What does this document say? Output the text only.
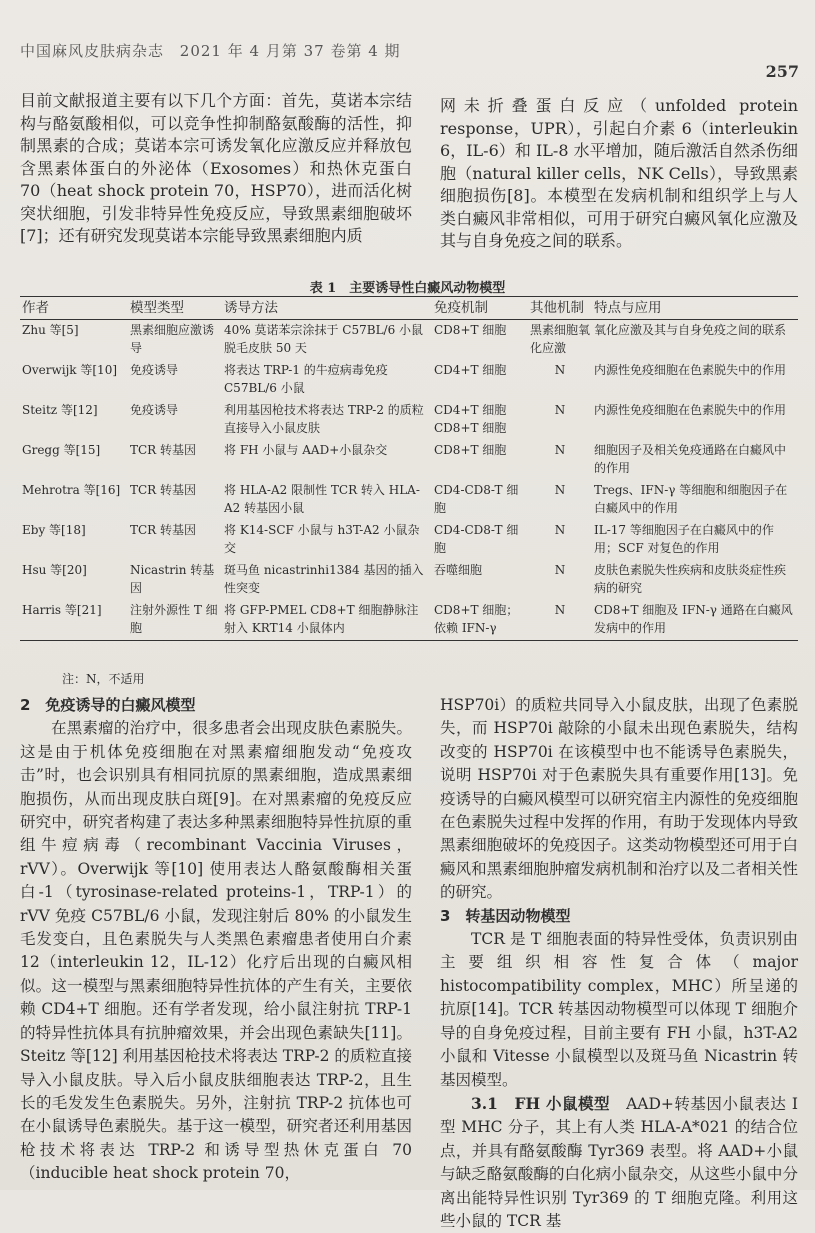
中国麻风皮肤病杂志 2021 年 4 月第 37 卷第 4 期
257

目前文献报道主要有以下几个方面：首先，莫诺本宗结构与酪氨酸相似，可以竞争性抑制酪氨酸酶的活性，抑制黑素的合成；莫诺本宗可诱发氧化应激反应并释放包含黑素体蛋白的外泌体（Exosomes）和热休克蛋白 70（heat shock protein 70，HSP70），进而活化树突状细胞，引发非特异性免疫反应，导致黑素细胞破坏[7]；还有研究发现莫诺本宗能导致黑素细胞内质

网未折叠蛋白反应（unfolded protein response，UPR），引起白介素 6（interleukin 6，IL-6）和 IL-8 水平增加，随后激活自然杀伤细胞（natural killer cells，NK Cells），导致黑素细胞损伤[8]。本模型在发病机制和组织学上与人类白癜风非常相似，可用于研究白癜风氧化应激及其与自身免疫之间的联系。

表 1　主要诱导性白癜风动物模型
作者	模型类型	诱导方法	免疫机制	其他机制	特点与应用
Zhu 等[5]	黑素细胞应激诱导	40% 莫诺苯宗涂抹于 C57BL/6 小鼠脱毛皮肤 50 天	CD8+T 细胞	黑素细胞氧化应激	氧化应激及其与自身免疫之间的联系
Overwijk 等[10]	免疫诱导	将表达 TRP-1 的牛痘病毒免疫 C57BL/6 小鼠	CD4+T 细胞	N	内源性免疫细胞在色素脱失中的作用
Steitz 等[12]	免疫诱导	利用基因枪技术将表达 TRP-2 的质粒直接导入小鼠皮肤	CD4+T 细胞 CD8+T 细胞	N	内源性免疫细胞在色素脱失中的作用
Gregg 等[15]	TCR 转基因	将 FH 小鼠与 AAD+小鼠杂交	CD8+T 细胞	N	细胞因子及相关免疫通路在白癜风中的作用
Mehrotra 等[16]	TCR 转基因	将 HLA-A2 限制性 TCR 转入 HLA-A2 转基因小鼠	CD4-CD8-T 细胞	N	Tregs、IFN-γ 等细胞和细胞因子在白癜风中的作用
Eby 等[18]	TCR 转基因	将 K14-SCF 小鼠与 h3T-A2 小鼠杂交	CD4-CD8-T 细胞	N	IL-17 等细胞因子在白癜风中的作用；SCF 对复色的作用
Hsu 等[20]	Nicastrin 转基因	斑马鱼 nicastrinhi1384 基因的插入性突变	吞噬细胞	N	皮肤色素脱失性疾病和皮肤炎症性疾病的研究
Harris 等[21]	注射外源性 T 细胞	将 GFP-PMEL CD8+T 细胞静脉注射入 KRT14 小鼠体内	CD8+T 细胞；依赖 IFN-γ	N	CD8+T 细胞及 IFN-γ 通路在白癜风发病中的作用
注：N，不适用

2　免疫诱导的白癜风模型

在黑素瘤的治疗中，很多患者会出现皮肤色素脱失。这是由于机体免疫细胞在对黑素瘤细胞发动“免疫攻击”时，也会识别具有相同抗原的黑素细胞，造成黑素细胞损伤，从而出现皮肤白斑[9]。在对黑素瘤的免疫反应研究中，研究者构建了表达多种黑素细胞特异性抗原的重组牛痘病毒（recombinant Vaccinia Viruses，rVV）。Overwijk 等[10] 使用表达人酪氨酸酶相关蛋白-1（tyrosinase-related proteins-1，TRP-1）的 rVV 免疫 C57BL/6 小鼠，发现注射后 80% 的小鼠发生毛发变白，且色素脱失与人类黑色素瘤患者使用白介素 12（interleukin 12，IL-12）化疗后出现的白癜风相似。这一模型与黑素细胞特异性抗体的产生有关，主要依赖 CD4+T 细胞。还有学者发现，给小鼠注射抗 TRP-1 的特异性抗体具有抗肿瘤效果，并会出现色素缺失[11]。Steitz 等[12] 利用基因枪技术将表达 TRP-2 的质粒直接导入小鼠皮肤。导入后小鼠皮肤细胞表达 TRP-2，且生长的毛发发生色素脱失。另外，注射抗 TRP-2 抗体也可在小鼠诱导色素脱失。基于这一模型，研究者还利用基因枪技术将表达 TRP-2 和诱导型热休克蛋白 70（inducible heat shock protein 70，

HSP70i）的质粒共同导入小鼠皮肤，出现了色素脱失，而 HSP70i 敲除的小鼠未出现色素脱失，结构改变的 HSP70i 在该模型中也不能诱导色素脱失，说明 HSP70i 对于色素脱失具有重要作用[13]。免疫诱导的白癜风模型可以研究宿主内源性的免疫细胞在色素脱失过程中发挥的作用，有助于发现体内导致黑素细胞破坏的免疫因子。这类动物模型还可用于白癜风和黑素细胞肿瘤发病机制和治疗以及二者相关性的研究。

3　转基因动物模型

TCR 是 T 细胞表面的特异性受体，负责识别由主要组织相容性复合体（major histocompatibility complex，MHC）所呈递的抗原[14]。TCR 转基因动物模型可以体现 T 细胞介导的自身免疫过程，目前主要有 FH 小鼠，h3T-A2 小鼠和 Vitesse 小鼠模型以及斑马鱼 Nicastrin 转基因模型。

3.1　FH 小鼠模型　 AAD+转基因小鼠表达 I 型 MHC 分子，其上有人类 HLA-A*021 的结合位点，并具有酪氨酸酶 Tyr369 表型。将 AAD+小鼠与缺乏酪氨酸酶的白化病小鼠杂交，从这些小鼠中分离出能特异性识别 Tyr369 的 T 细胞克隆。利用这些小鼠的 TCR 基
